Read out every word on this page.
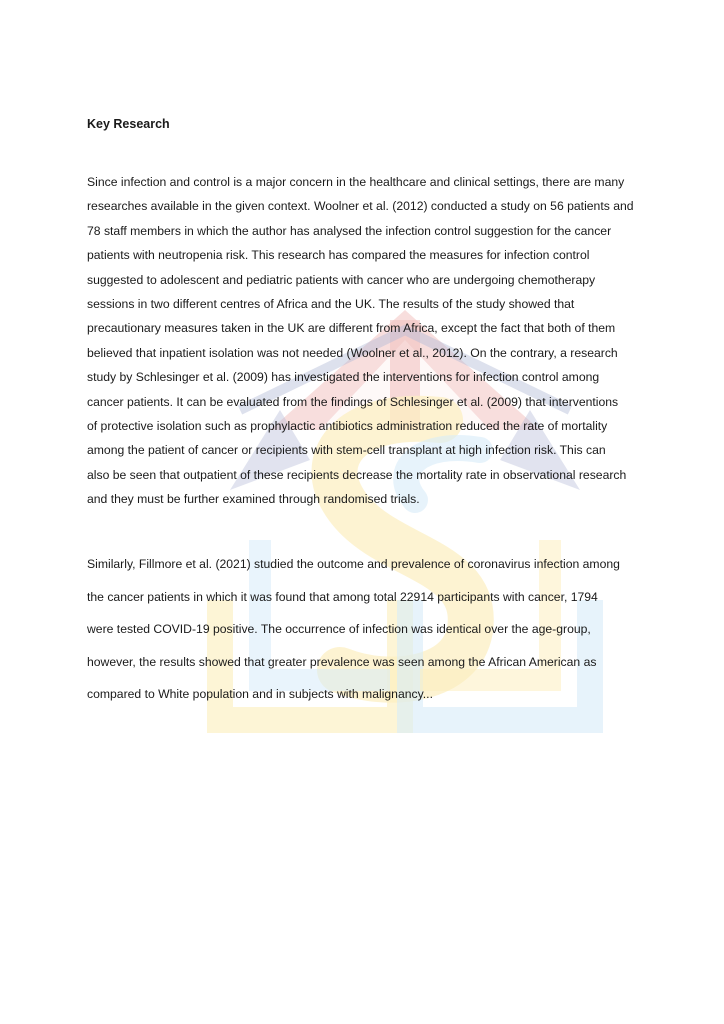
Key Research

Since infection and control is a major concern in the healthcare and clinical settings, there are many
researches available in the given context. Woolner et al. (2012) conducted a study on 56 patients and
78 staff members in which the author has analysed the infection control suggestion for the cancer
patients with neutropenia risk. This research has compared the measures for infection control
suggested to adolescent and pediatric patients with cancer who are undergoing chemotherapy
sessions in two different centres of Africa and the UK. The results of the study showed that
precautionary measures taken in the UK are different from Africa, except the fact that both of them
believed that inpatient isolation was not needed (Woolner et al., 2012). On the contrary, a research
study by Schlesinger et al. (2009) has investigated the interventions for infection control among
cancer patients. It can be evaluated from the findings of Schlesinger et al. (2009) that interventions
of protective isolation such as prophylactic antibiotics administration reduced the rate of mortality
among the patient of cancer or recipients with stem-cell transplant at high infection risk. This can
also be seen that outpatient of these recipients decrease the mortality rate in observational research
and they must be further examined through randomised trials.

Similarly, Fillmore et al. (2021) studied the outcome and prevalence of coronavirus infection among
the cancer patients in which it was found that among total 22914 participants with cancer, 1794
were tested COVID-19 positive. The occurrence of infection was identical over the age-group,
however, the results showed that greater prevalence was seen among the African American as
compared to White population and in subjects with malignancy...
